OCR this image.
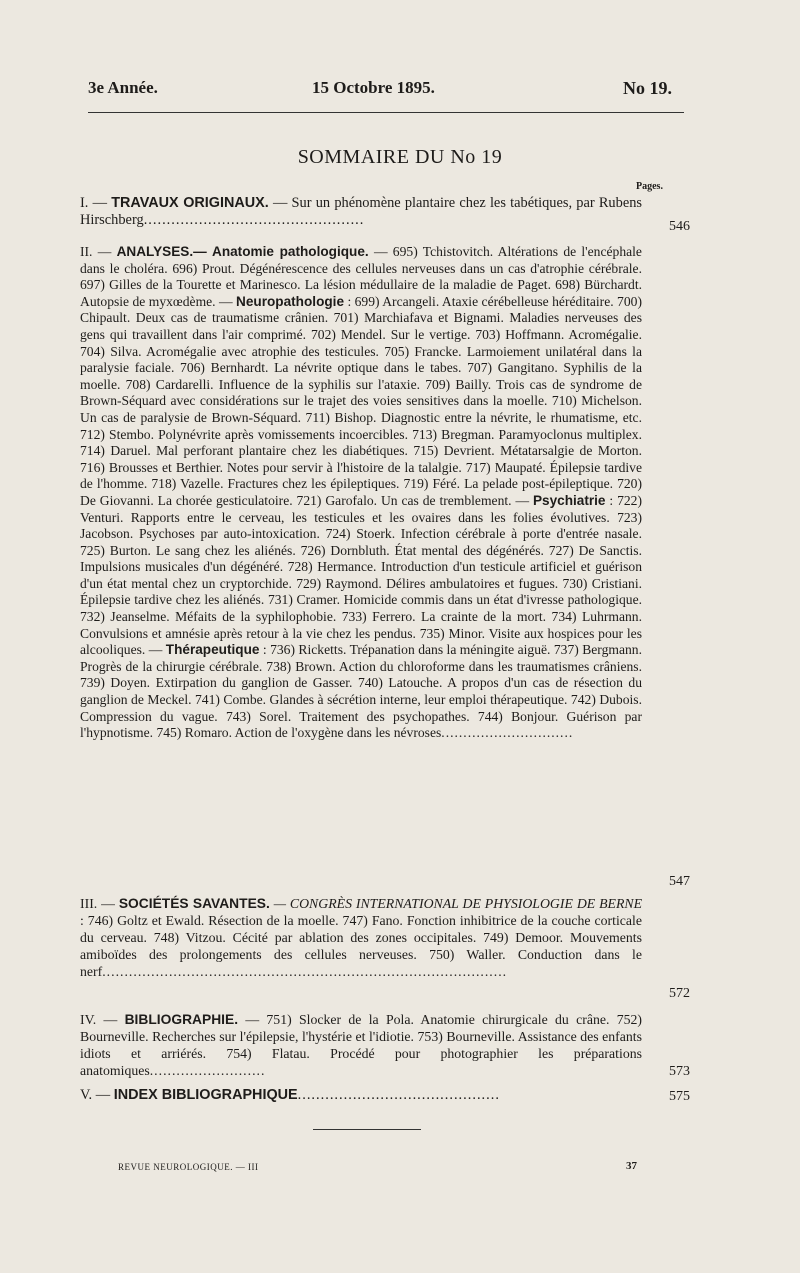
3e Année.	15 Octobre 1895.	No 19.
SOMMAIRE DU No 19
Pages.
I. — TRAVAUX ORIGINAUX. — Sur un phénomène plantaire chez les tabétiques, par Rubens Hirschberg................................................	546
II. — ANALYSES.— Anatomie pathologique. — 695) Tchistovitch. Altérations de l'encéphale dans le choléra. 696) Prout. Dégénérescence des cellules nerveuses dans un cas d'atrophie cérébrale. 697) Gilles de la Tourette et Marinesco. La lésion médullaire de la maladie de Paget. 698) Bürchardt. Autopsie de myxœdème. — Neuropathologie : 699) Arcangeli. Ataxie cérébelleuse héréditaire. 700) Chipault. Deux cas de traumatisme crânien. 701) Marchiafava et Bignami. Maladies nerveuses des gens qui travaillent dans l'air comprimé. 702) Mendel. Sur le vertige. 703) Hoffmann. Acromégalie. 704) Silva. Acromégalie avec atrophie des testicules. 705) Francke. Larmoiement unilatéral dans la paralysie faciale. 706) Bernhardt. La névrite optique dans le tabes. 707) Gangitano. Syphilis de la moelle. 708) Cardarelli. Influence de la syphilis sur l'ataxie. 709) Bailly. Trois cas de syndrome de Brown-Séquard avec considérations sur le trajet des voies sensitives dans la moelle. 710) Michelson. Un cas de paralysie de Brown-Séquard. 711) Bishop. Diagnostic entre la névrite, le rhumatisme, etc. 712) Stembo. Polynévrite après vomissements incoercibles. 713) Bregman. Paramyoclonus multiplex. 714) Daruel. Mal perforant plantaire chez les diabétiques. 715) Devrient. Métatarsalgie de Morton. 716) Brousses et Berthier. Notes pour servir à l'histoire de la talalgie. 717) Maupaté. Épilepsie tardive de l'homme. 718) Vazelle. Fractures chez les épileptiques. 719) Féré. La pelade post-épileptique. 720) De Giovanni. La chorée gesticulatoire. 721) Garofalo. Un cas de tremblement. — Psychiatrie : 722) Venturi. Rapports entre le cerveau, les testicules et les ovaires dans les folies évolutives. 723) Jacobson. Psychoses par auto-intoxication. 724) Stoerk. Infection cérébrale à porte d'entrée nasale. 725) Burton. Le sang chez les aliénés. 726) Dornbluth. État mental des dégénérés. 727) De Sanctis. Impulsions musicales d'un dégénéré. 728) Hermance. Introduction d'un testicule artificiel et guérison d'un état mental chez un cryptorchide. 729) Raymond. Délires ambulatoires et fugues. 730) Cristiani. Épilepsie tardive chez les aliénés. 731) Cramer. Homicide commis dans un état d'ivresse pathologique. 732) Jeanselme. Méfaits de la syphilophobie. 733) Ferrero. La crainte de la mort. 734) Luhrmann. Convulsions et amnésie après retour à la vie chez les pendus. 735) Minor. Visite aux hospices pour les alcooliques. — Thérapeutique : 736) Ricketts. Trépanation dans la méningite aiguë. 737) Bergmann. Progrès de la chirurgie cérébrale. 738) Brown. Action du chloroforme dans les traumatismes crâniens. 739) Doyen. Extirpation du ganglion de Gasser. 740) Latouche. A propos d'un cas de résection du ganglion de Meckel. 741) Combe. Glandes à sécrétion interne, leur emploi thérapeutique. 742) Dubois. Compression du vague. 743) Sorel. Traitement des psychopathes. 744) Bonjour. Guérison par l'hypnotisme. 745) Romaro. Action de l'oxygène dans les névroses..............................
547
III. — SOCIÉTÉS SAVANTES. — CONGRÈS INTERNATIONAL DE PHYSIOLOGIE DE BERNE : 746) Goltz et Ewald. Résection de la moelle. 747) Fano. Fonction inhibitrice de la couche corticale du cerveau. 748) Vitzou. Cécité par ablation des zones occipitales. 749) Demoor. Mouvements amiboïdes des prolongements des cellules nerveuses. 750) Waller. Conduction dans le nerf...........................................................................................
572
IV. — BIBLIOGRAPHIE. — 751) Slocker de la Pola. Anatomie chirurgicale du crâne. 752) Bourneville. Recherches sur l'épilepsie, l'hystérie et l'idiotie. 753) Bourneville. Assistance des enfants idiots et arriérés. 754) Flatau. Procédé pour photographier les préparations anatomiques..........................	573
V. — INDEX BIBLIOGRAPHIQUE............................................	575
REVUE NEUROLOGIQUE. — III	37
